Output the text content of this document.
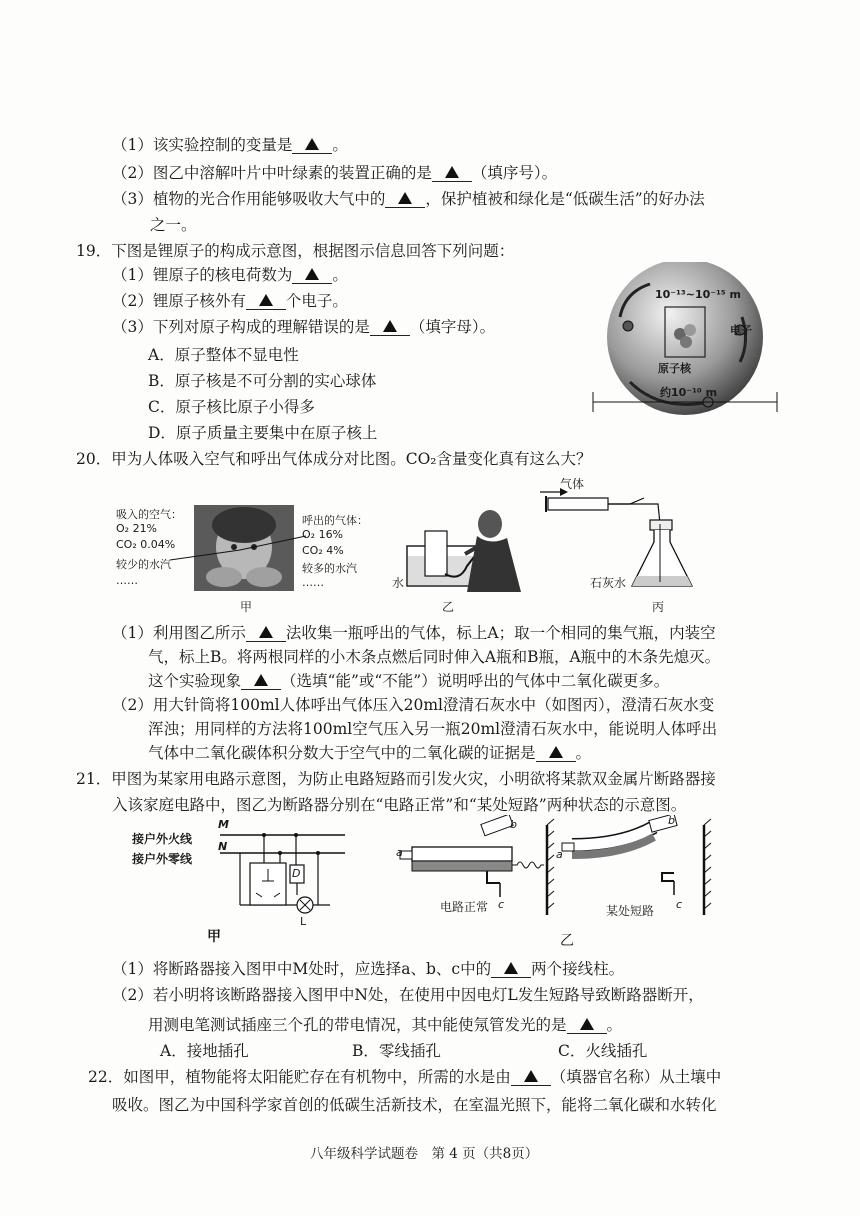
（1）该实验控制的变量是	。
（2）图乙中溶解叶片中叶绿素的装置正确的是	（填序号）。
（3）植物的光合作用能够吸收大气中的	，保护植被和绿化是“低碳生活”的好办法
之一。
19．下图是锂原子的构成示意图，根据图示信息回答下列问题：
（1）锂原子的核电荷数为	。
（2）锂原子核外有	个电子。
（3）下列对原子构成的理解错误的是	（填字母）。
A．原子整体不显电性
B．原子核是不可分割的实心球体
C．原子核比原子小得多
D．原子质量主要集中在原子核上
10⁻¹³~10⁻¹⁵ m
电子
原子核
约10⁻¹⁰ m
20．甲为人体吸入空气和呼出气体成分对比图。CO₂含量变化真有这么大？
吸入的空气：
O₂ 21%
CO₂ 0.04%
较少的水汽
……
呼出的气体：
O₂ 16%
CO₂ 4%
较多的水汽
……
甲
水
乙
气体
石灰水
丙
（1）利用图乙所示	法收集一瓶呼出的气体，标上A；取一个相同的集气瓶，内装空
气，标上B。将两根同样的小木条点燃后同时伸入A瓶和B瓶，A瓶中的木条先熄灭。
这个实验现象	（选填“能”或“不能”）说明呼出的气体中二氧化碳更多。
（2）用大针筒将100ml人体呼出气体压入20ml澄清石灰水中（如图丙），澄清石灰水变
浑浊；用同样的方法将100ml空气压入另一瓶20ml澄清石灰水中，能说明人体呼出
气体中二氧化碳体积分数大于空气中的二氧化碳的证据是	。
21．甲图为某家用电路示意图，为防止电路短路而引发火灾，小明欲将某款双金属片断路器接
入该家庭电路中，图乙为断路器分别在“电路正常”和“某处短路”两种状态的示意图。
接户外火线
接户外零线
M
N
D
L
甲
a
b
c
电路正常
a
b
c
某处短路
乙
（1）将断路器接入图甲中M处时，应选择a、b、c中的	两个接线柱。
（2）若小明将该断路器接入图甲中N处，在使用中因电灯L发生短路导致断路器断开，
用测电笔测试插座三个孔的带电情况，其中能使氖管发光的是	。
A．接地插孔	B．零线插孔	C．火线插孔
22．如图甲，植物能将太阳能贮存在有机物中，所需的水是由	（填器官名称）从土壤中
吸收。图乙为中国科学家首创的低碳生活新技术，在室温光照下，能将二氧化碳和水转化
八年级科学试题卷　第 4 页（共8页）
